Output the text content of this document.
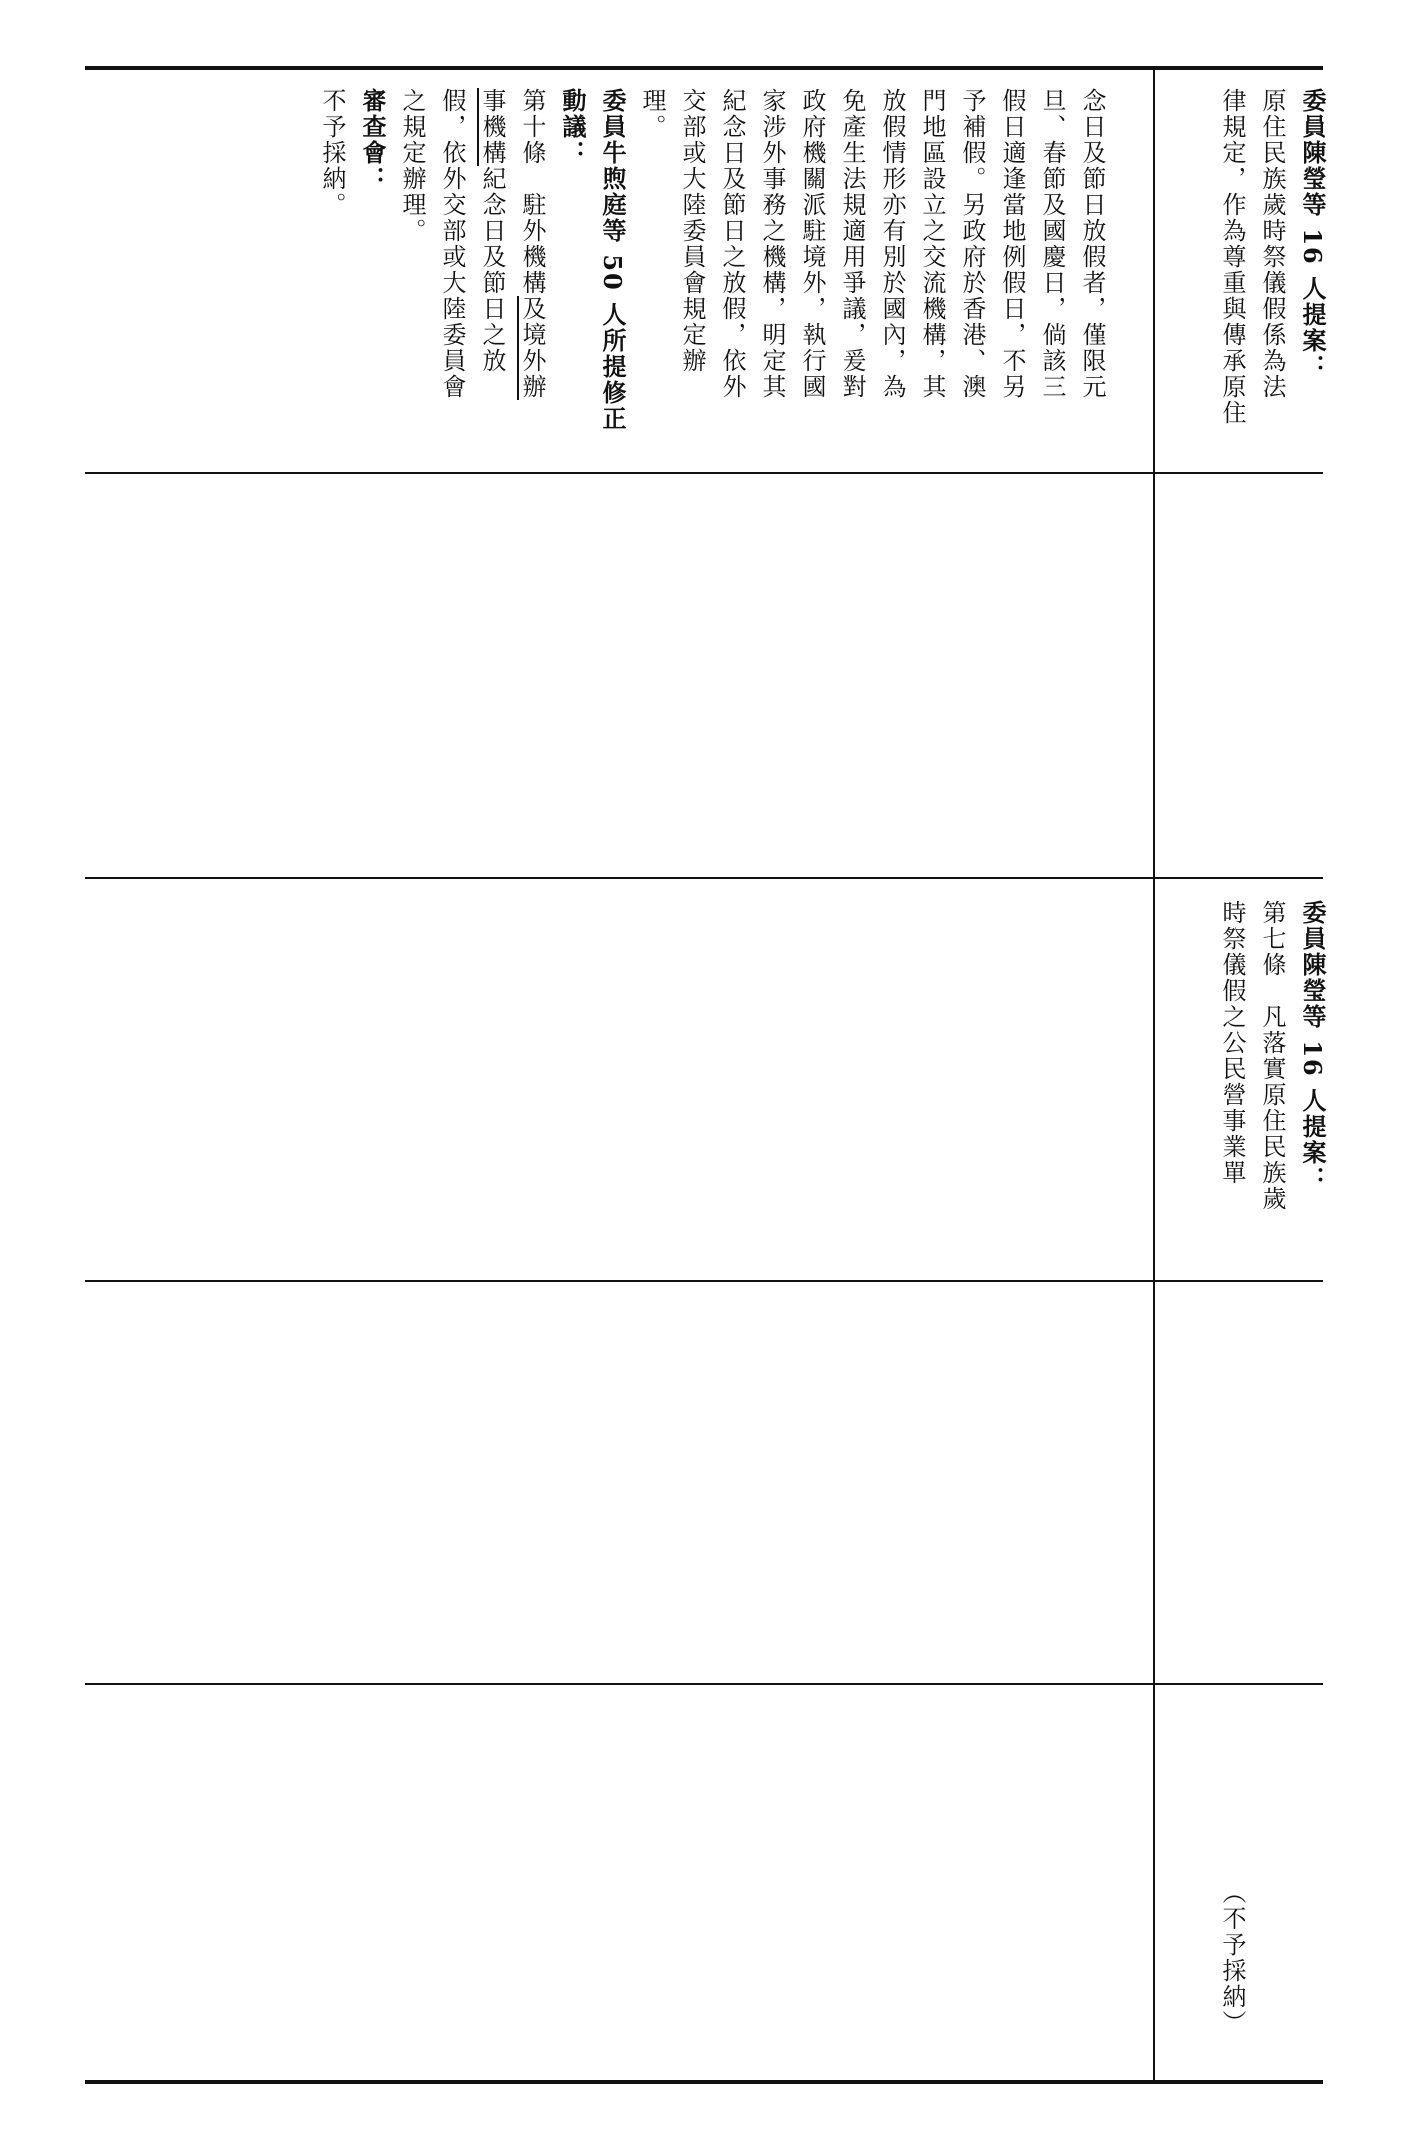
念日及節日放假者，僅限元

旦、春節及國慶日，倘該三

假日適逢當地例假日，不另

予補假。另政府於香港、澳

門地區設立之交流機構，其

放假情形亦有別於國內，為

免產生法規適用爭議，爰對

政府機關派駐境外，執行國

家涉外事務之機構，明定其

紀念日及節日之放假，依外

交部或大陸委員會規定辦

理。

委員牛煦庭等 50 人所提修正

動議：

第十條　駐外機構及境外辦

事機構紀念日及節日之放

假，依外交部或大陸委員會

之規定辦理。

審查會：

不予採納。	委員陳瑩等 16 人提案：

原住民族歲時祭儀假係為法

律規定，作為尊重與傳承原住

委員陳瑩等 16 人提案：

第七條　凡落實原住民族歲

時祭儀假之公民營事業單

（不予採納）
